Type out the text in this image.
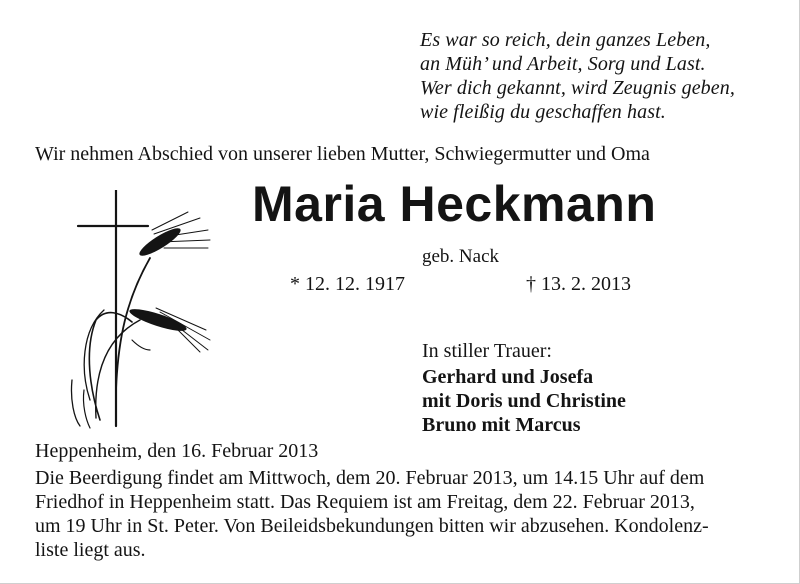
Es war so reich, dein ganzes Leben,
an Müh’ und Arbeit, Sorg und Last.
Wer dich gekannt, wird Zeugnis geben,
wie fleißig du geschaffen hast.
Wir nehmen Abschied von unserer lieben Mutter, Schwiegermutter und Oma
Maria Heckmann
geb. Nack
* 12. 12. 1917	† 13. 2. 2013
In stiller Trauer:
Gerhard und Josefa
mit Doris und Christine
Bruno mit Marcus
Heppenheim, den 16. Februar 2013
Die Beerdigung findet am Mittwoch, dem 20. Februar 2013, um 14.15 Uhr auf dem
Friedhof in Heppenheim statt. Das Requiem ist am Freitag, dem 22. Februar 2013,
um 19 Uhr in St. Peter. Von Beileidsbekundungen bitten wir abzusehen. Kondolenz-
liste liegt aus.
